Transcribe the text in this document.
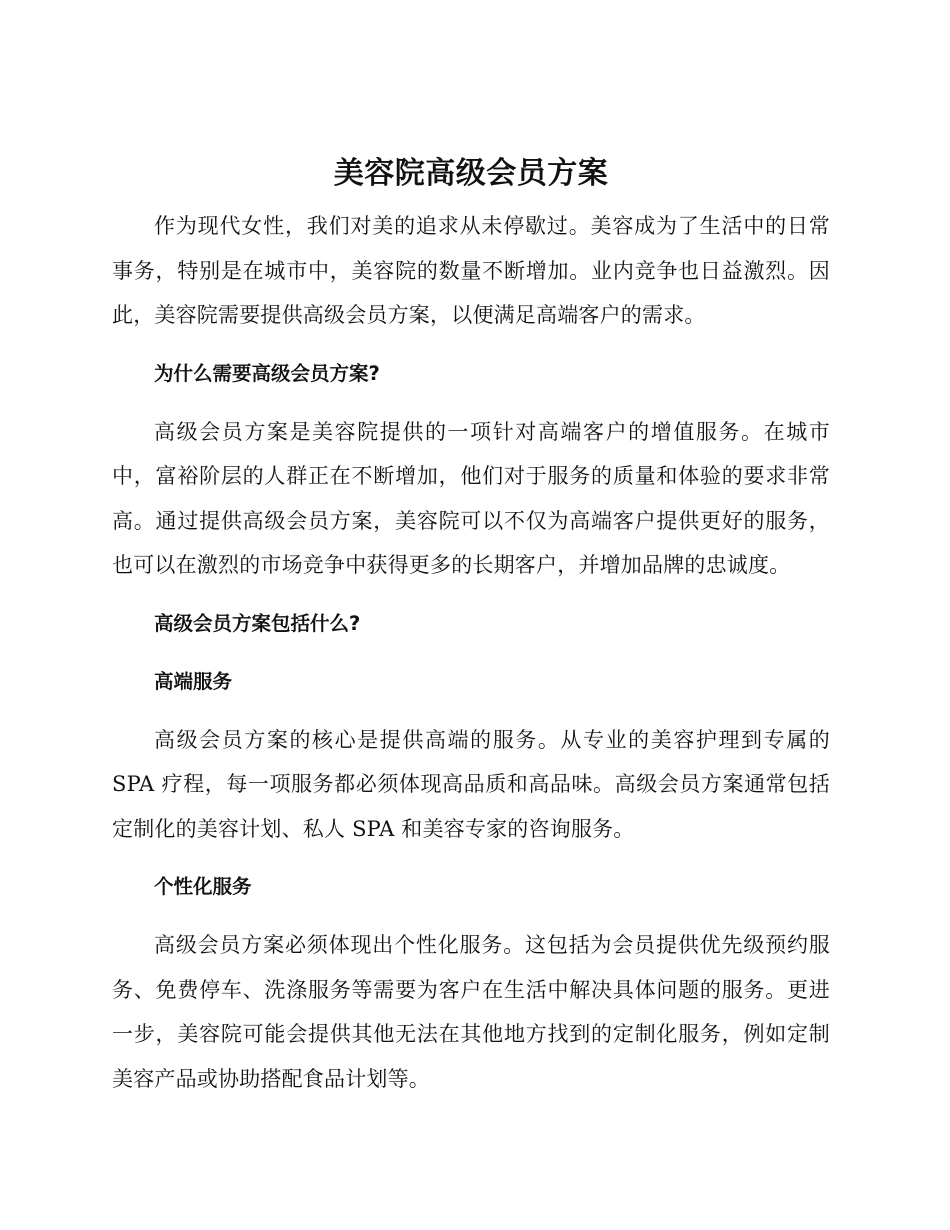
美容院高级会员方案

作为现代女性，我们对美的追求从未停歇过。美容成为了生活中的日常事务，特别是在城市中，美容院的数量不断增加。业内竞争也日益激烈。因此，美容院需要提供高级会员方案，以便满足高端客户的需求。

为什么需要高级会员方案?

高级会员方案是美容院提供的一项针对高端客户的增值服务。在城市中，富裕阶层的人群正在不断增加，他们对于服务的质量和体验的要求非常高。通过提供高级会员方案，美容院可以不仅为高端客户提供更好的服务，也可以在激烈的市场竞争中获得更多的长期客户，并增加品牌的忠诚度。

高级会员方案包括什么?
高端服务

高级会员方案的核心是提供高端的服务。从专业的美容护理到专属的 SPA 疗程，每一项服务都必须体现高品质和高品味。高级会员方案通常包括定制化的美容计划、私人 SPA 和美容专家的咨询服务。

个性化服务

高级会员方案必须体现出个性化服务。这包括为会员提供优先级预约服务、免费停车、洗涤服务等需要为客户在生活中解决具体问题的服务。更进一步，美容院可能会提供其他无法在其他地方找到的定制化服务，例如定制美容产品或协助搭配食品计划等。
